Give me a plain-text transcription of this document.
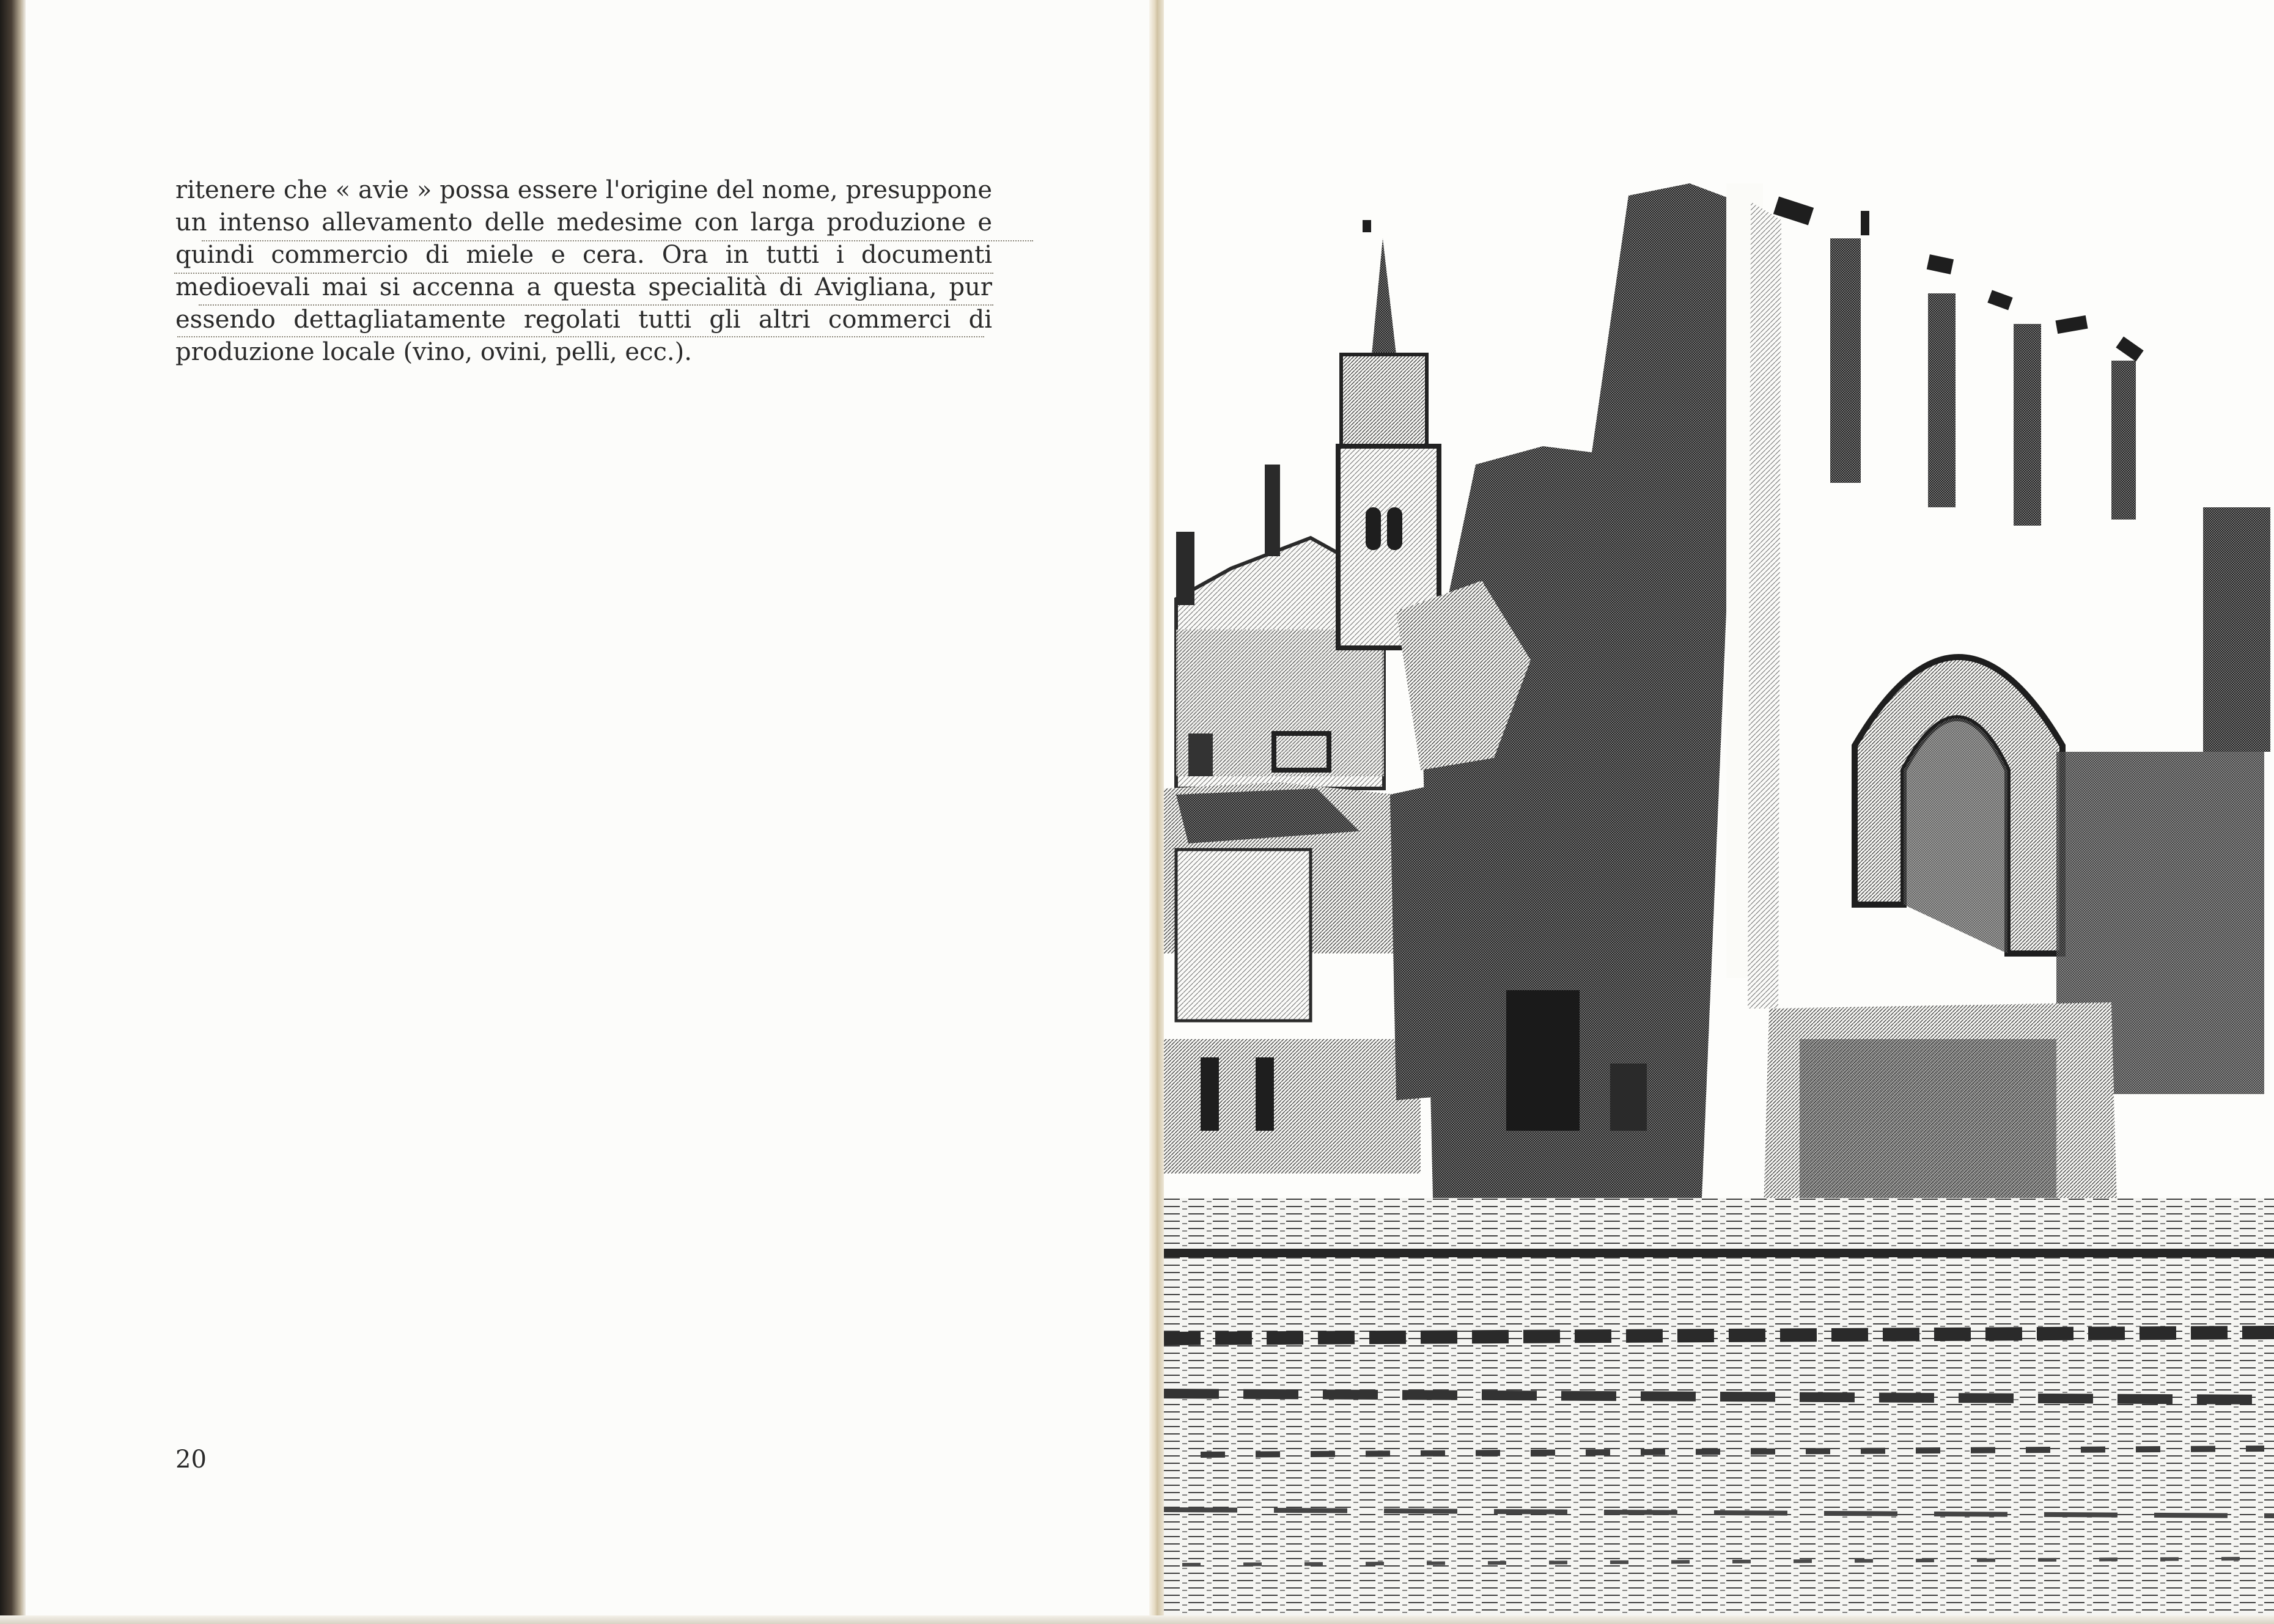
ritenere che « avie » possa essere l'origine del nome, presuppone
un intenso allevamento delle medesime con larga produzione e
quindi commercio di miele e cera. Ora in tutti i documenti
medioevali mai si accenna a questa specialità di Avigliana, pur
essendo dettagliatamente regolati tutti gli altri commerci di
produzione locale (vino, ovini, pelli, ecc.).
20
